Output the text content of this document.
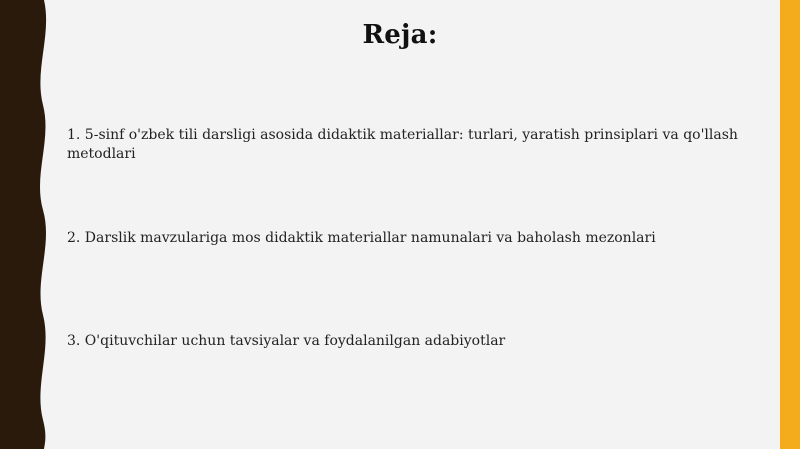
Reja:
1. 5-sinf o'zbek tili darsligi asosida didaktik materiallar: turlari, yaratish prinsiplari va qo'llash metodlari
2. Darslik mavzulariga mos didaktik materiallar namunalari va baholash mezonlari
3. O'qituvchilar uchun tavsiyalar va foydalanilgan adabiyotlar
